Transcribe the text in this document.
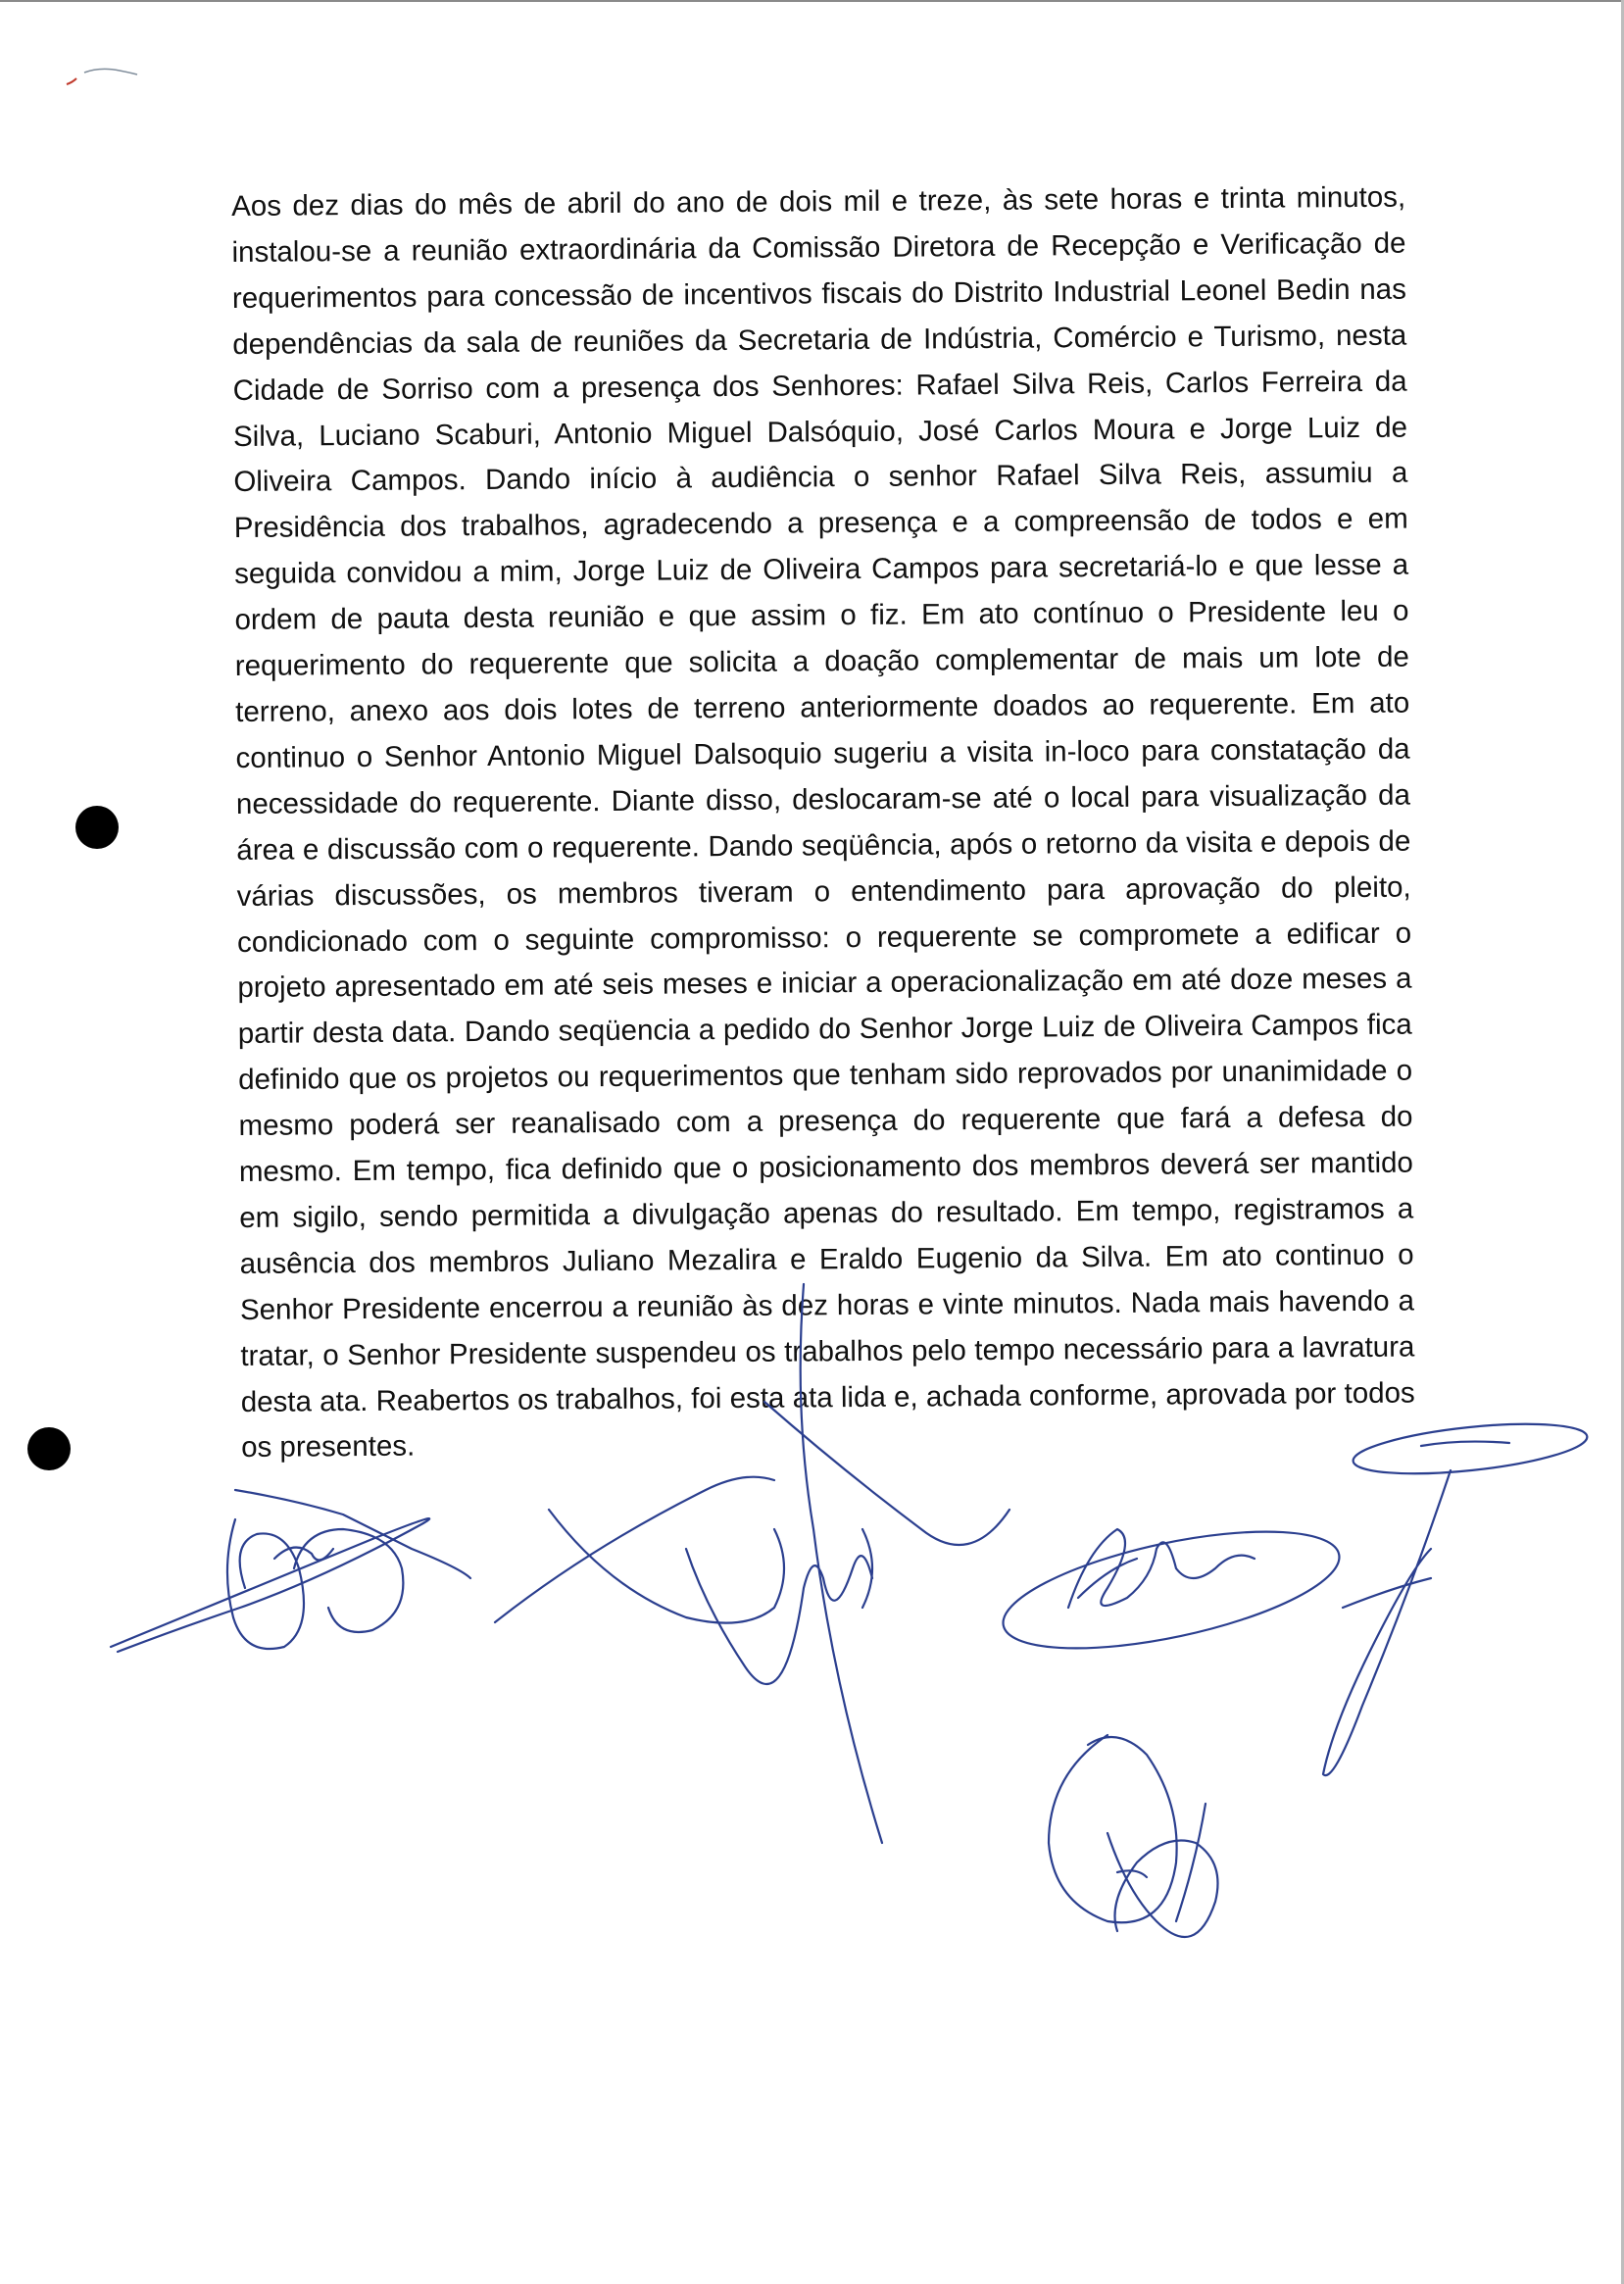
Aos dez dias do mês de abril do ano de dois mil e treze, às sete horas e trinta minutos, instalou-se a reunião extraordinária da Comissão Diretora de Recepção e Verificação de requerimentos para concessão de incentivos fiscais do Distrito Industrial Leonel Bedin nas dependências da sala de reuniões da Secretaria de Indústria, Comércio e Turismo, nesta Cidade de Sorriso com a presença dos Senhores: Rafael Silva Reis, Carlos Ferreira da Silva, Luciano Scaburi, Antonio Miguel Dalsóquio, José Carlos Moura e Jorge Luiz de Oliveira Campos. Dando início à audiência o senhor Rafael Silva Reis, assumiu a Presidência dos trabalhos, agradecendo a presença e a compreensão de todos e em seguida convidou a mim, Jorge Luiz de Oliveira Campos para secretariá-lo e que lesse a ordem de pauta desta reunião e que assim o fiz. Em ato contínuo o Presidente leu o requerimento do requerente que solicita a doação complementar de mais um lote de terreno, anexo aos dois lotes de terreno anteriormente doados ao requerente. Em ato continuo o Senhor Antonio Miguel Dalsoquio sugeriu a visita in-loco para constatação da necessidade do requerente. Diante disso, deslocaram-se até o local para visualização da área e discussão com o requerente. Dando seqüência, após o retorno da visita e depois de várias discussões, os membros tiveram o entendimento para aprovação do pleito, condicionado com o seguinte compromisso: o requerente se compromete a edificar o projeto apresentado em até seis meses e iniciar a operacionalização em até doze meses a partir desta data. Dando seqüencia a pedido do Senhor Jorge Luiz de Oliveira Campos fica definido que os projetos ou requerimentos que tenham sido reprovados por unanimidade o mesmo poderá ser reanalisado com a presença do requerente que fará a defesa do mesmo. Em tempo, fica definido que o posicionamento dos membros deverá ser mantido em sigilo, sendo permitida a divulgação apenas do resultado. Em tempo, registramos a ausência dos membros Juliano Mezalira e Eraldo Eugenio da Silva. Em ato continuo o Senhor Presidente encerrou a reunião às dez horas e vinte minutos. Nada mais havendo a tratar, o Senhor Presidente suspendeu os trabalhos pelo tempo necessário para a lavratura desta ata. Reabertos os trabalhos, foi esta ata lida e, achada conforme, aprovada por todos os presentes.
